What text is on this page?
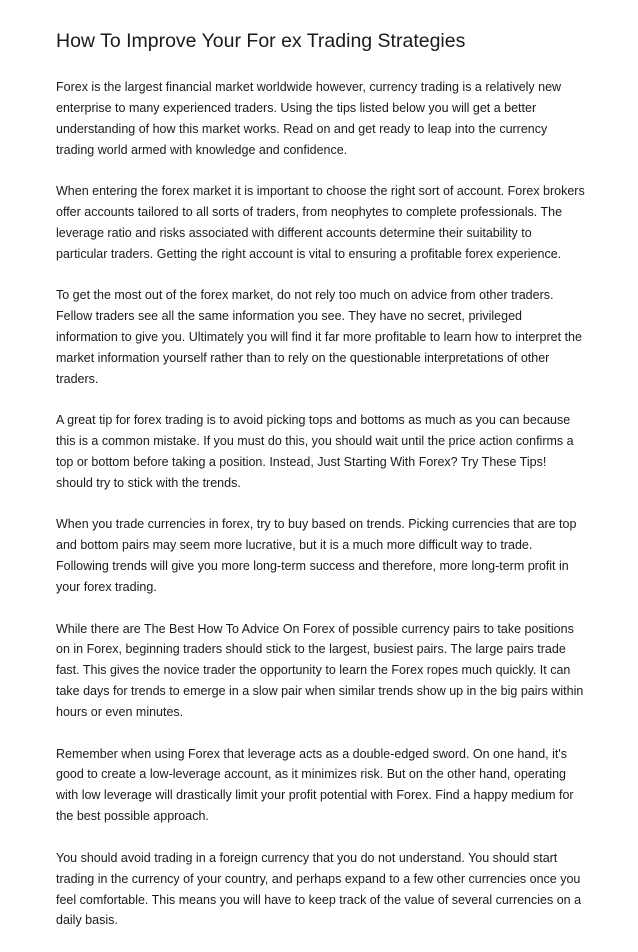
How To Improve Your For ex Trading Strategies

Forex is the largest financial market worldwide however, currency trading is a relatively new enterprise to many experienced traders. Using the tips listed below you will get a better understanding of how this market works. Read on and get ready to leap into the currency trading world armed with knowledge and confidence.

When entering the forex market it is important to choose the right sort of account. Forex brokers offer accounts tailored to all sorts of traders, from neophytes to complete professionals. The leverage ratio and risks associated with different accounts determine their suitability to particular traders. Getting the right account is vital to ensuring a profitable forex experience.

To get the most out of the forex market, do not rely too much on advice from other traders. Fellow traders see all the same information you see. They have no secret, privileged information to give you. Ultimately you will find it far more profitable to learn how to interpret the market information yourself rather than to rely on the questionable interpretations of other traders.

A great tip for forex trading is to avoid picking tops and bottoms as much as you can because this is a common mistake. If you must do this, you should wait until the price action confirms a top or bottom before taking a position. Instead, Just Starting With Forex? Try These Tips! should try to stick with the trends.

When you trade currencies in forex, try to buy based on trends. Picking currencies that are top and bottom pairs may seem more lucrative, but it is a much more difficult way to trade. Following trends will give you more long-term success and therefore, more long-term profit in your forex trading.

While there are The Best How To Advice On Forex of possible currency pairs to take positions on in Forex, beginning traders should stick to the largest, busiest pairs. The large pairs trade fast. This gives the novice trader the opportunity to learn the Forex ropes much quickly. It can take days for trends to emerge in a slow pair when similar trends show up in the big pairs within hours or even minutes.

Remember when using Forex that leverage acts as a double-edged sword. On one hand, it's good to create a low-leverage account, as it minimizes risk. But on the other hand, operating with low leverage will drastically limit your profit potential with Forex. Find a happy medium for the best possible approach.

You should avoid trading in a foreign currency that you do not understand. You should start trading in the currency of your country, and perhaps expand to a few other currencies once you feel comfortable. This means you will have to keep track of the value of several currencies on a daily basis.
